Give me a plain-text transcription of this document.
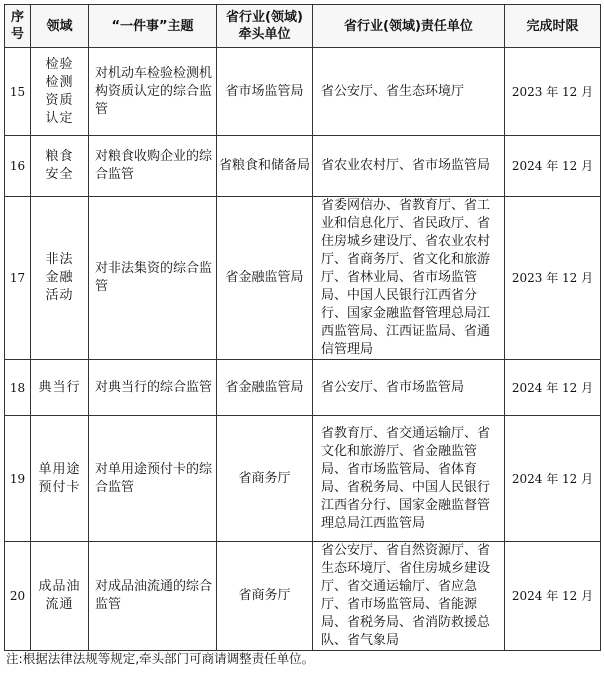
序
号	领域	“一件事”主题	省行业(领域)
牵头单位	省行业(领域)责任单位	完成时限
15	检验
检测
资质
认定	对机动车检验检测机构资质认定的综合监管	省市场监管局	省公安厅、省生态环境厅	2023 年 12 月
16	粮食
安全	对粮食收购企业的综合监管	省粮食和储备局	省农业农村厅、省市场监管局	2024 年 12 月
17	非法
金融
活动	对非法集资的综合监管	省金融监管局	省委网信办、省教育厅、省工业和信息化厅、省民政厅、省住房城乡建设厅、省农业农村厅、省商务厅、省文化和旅游厅、省林业局、省市场监管局、中国人民银行江西省分行、国家金融监督管理总局江西监管局、江西证监局、省通信管理局	2023 年 12 月
18	典当行	对典当行的综合监管	省金融监管局	省公安厅、省市场监管局	2024 年 12 月
19	单用途
预付卡	对单用途预付卡的综合监管	省商务厅	省教育厅、省交通运输厅、省文化和旅游厅、省金融监管局、省市场监管局、省体育局、省税务局、中国人民银行江西省分行、国家金融监督管理总局江西监管局	2024 年 12 月
20	成品油
流通	对成品油流通的综合监管	省商务厅	省公安厅、省自然资源厅、省生态环境厅、省住房城乡建设厅、省交通运输厅、省应急厅、省市场监管局、省能源局、省税务局、省消防救援总队、省气象局	2024 年 12 月
注:根据法律法规等规定,牵头部门可商请调整责任单位。
